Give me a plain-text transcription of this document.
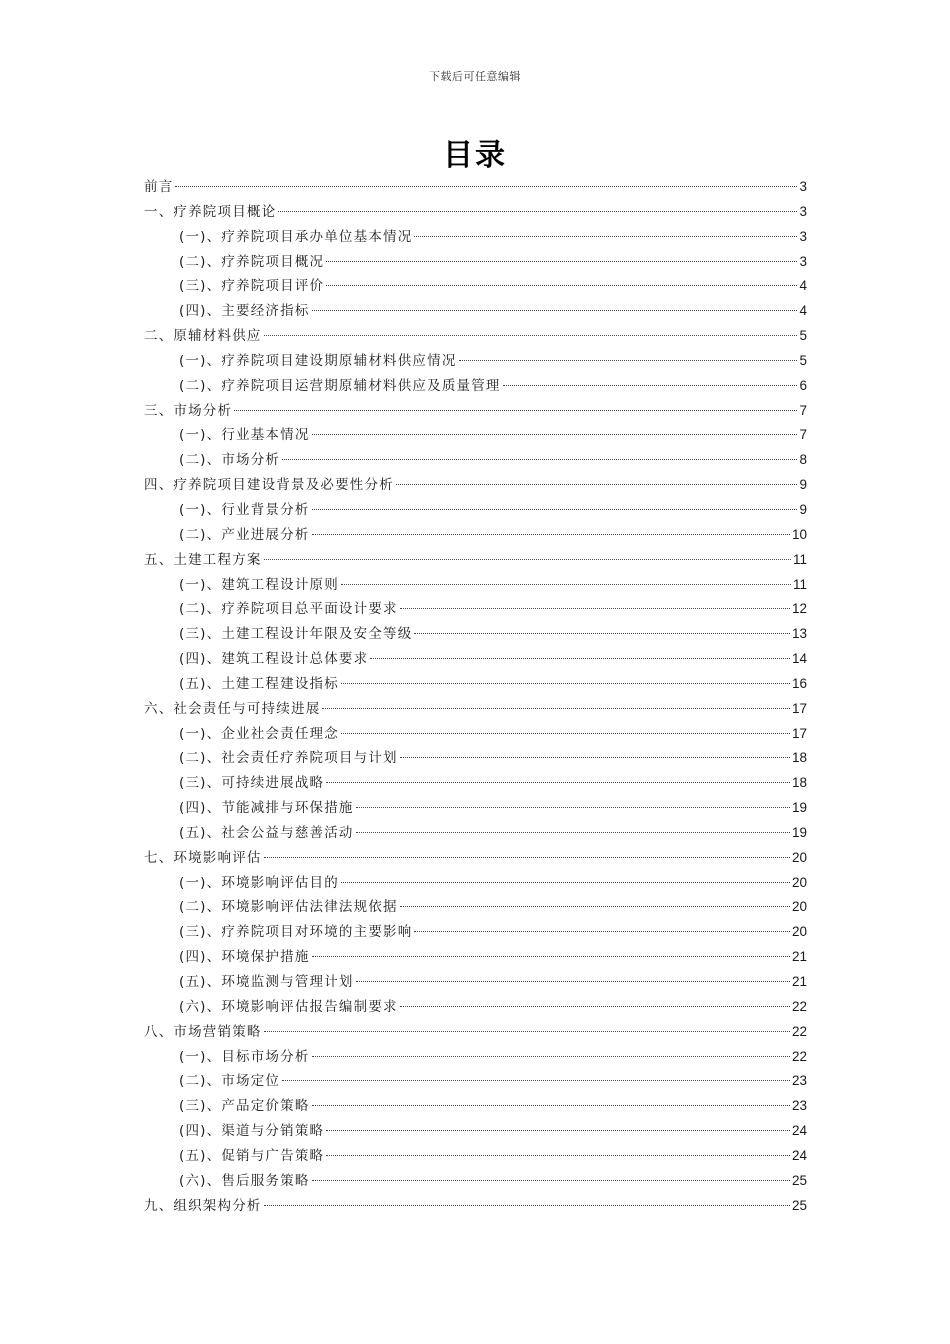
下载后可任意编辑
目录
前言	3
一、疗养院项目概论	3
(一)、疗养院项目承办单位基本情况	3
(二)、疗养院项目概况	3
(三)、疗养院项目评价	4
(四)、主要经济指标	4
二、原辅材料供应	5
(一)、疗养院项目建设期原辅材料供应情况	5
(二)、疗养院项目运营期原辅材料供应及质量管理	6
三、市场分析	7
(一)、行业基本情况	7
(二)、市场分析	8
四、疗养院项目建设背景及必要性分析	9
(一)、行业背景分析	9
(二)、产业进展分析	10
五、土建工程方案	11
(一)、建筑工程设计原则	11
(二)、疗养院项目总平面设计要求	12
(三)、土建工程设计年限及安全等级	13
(四)、建筑工程设计总体要求	14
(五)、土建工程建设指标	16
六、社会责任与可持续进展	17
(一)、企业社会责任理念	17
(二)、社会责任疗养院项目与计划	18
(三)、可持续进展战略	18
(四)、节能减排与环保措施	19
(五)、社会公益与慈善活动	19
七、环境影响评估	20
(一)、环境影响评估目的	20
(二)、环境影响评估法律法规依据	20
(三)、疗养院项目对环境的主要影响	20
(四)、环境保护措施	21
(五)、环境监测与管理计划	21
(六)、环境影响评估报告编制要求	22
八、市场营销策略	22
(一)、目标市场分析	22
(二)、市场定位	23
(三)、产品定价策略	23
(四)、渠道与分销策略	24
(五)、促销与广告策略	24
(六)、售后服务策略	25
九、组织架构分析	25
